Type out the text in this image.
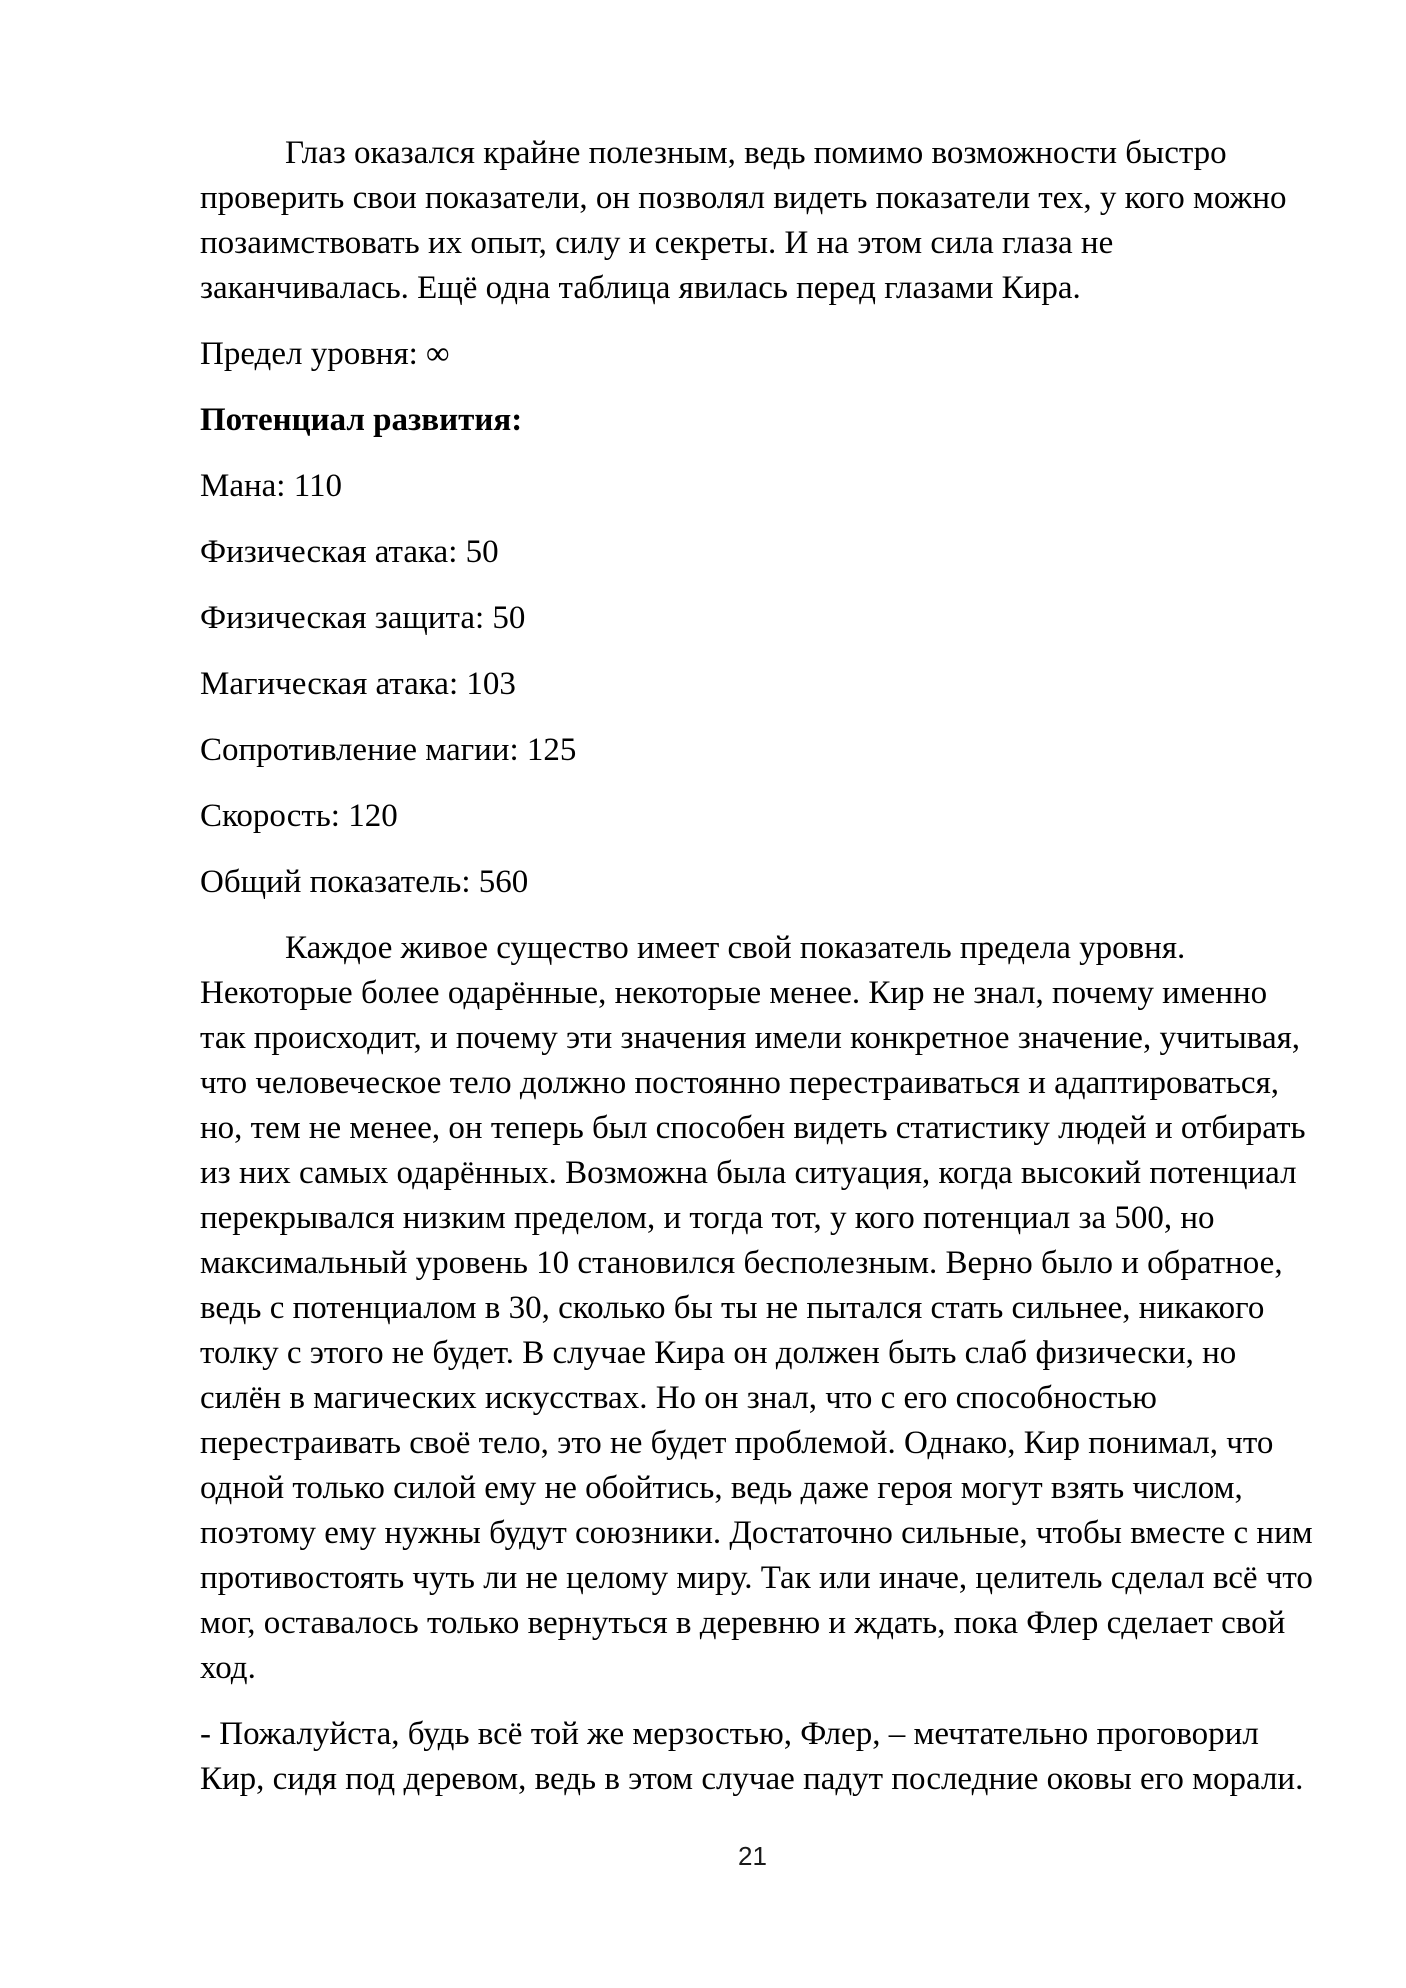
Глаз оказался крайне полезным, ведь помимо возможности быстро проверить свои показатели, он позволял видеть показатели тех, у кого можно позаимствовать их опыт, силу и секреты. И на этом сила глаза не заканчивалась. Ещё одна таблица явилась перед глазами Кира.

Предел уровня: ∞

Потенциал развития:

Мана: 110

Физическая атака: 50

Физическая защита: 50

Магическая атака: 103

Сопротивление магии: 125

Скорость: 120

Общий показатель: 560

Каждое живое существо имеет свой показатель предела уровня. Некоторые более одарённые, некоторые менее. Кир не знал, почему именно так происходит, и почему эти значения имели конкретное значение, учитывая, что человеческое тело должно постоянно перестраиваться и адаптироваться, но, тем не менее, он теперь был способен видеть статистику людей и отбирать из них самых одарённых. Возможна была ситуация, когда высокий потенциал перекрывался низким пределом, и тогда тот, у кого потенциал за 500, но максимальный уровень 10 становился бесполезным. Верно было и обратное, ведь с потенциалом в 30, сколько бы ты не пытался стать сильнее, никакого толку с этого не будет. В случае Кира он должен быть слаб физически, но силён в магических искусствах. Но он знал, что с его способностью перестраивать своё тело, это не будет проблемой. Однако, Кир понимал, что одной только силой ему не обойтись, ведь даже героя могут взять числом, поэтому ему нужны будут союзники. Достаточно сильные, чтобы вместе с ним противостоять чуть ли не целому миру. Так или иначе, целитель сделал всё что мог, оставалось только вернуться в деревню и ждать, пока Флер сделает свой ход.

- Пожалуйста, будь всё той же мерзостью, Флер, – мечтательно проговорил Кир, сидя под деревом, ведь в этом случае падут последние оковы его морали.

21
